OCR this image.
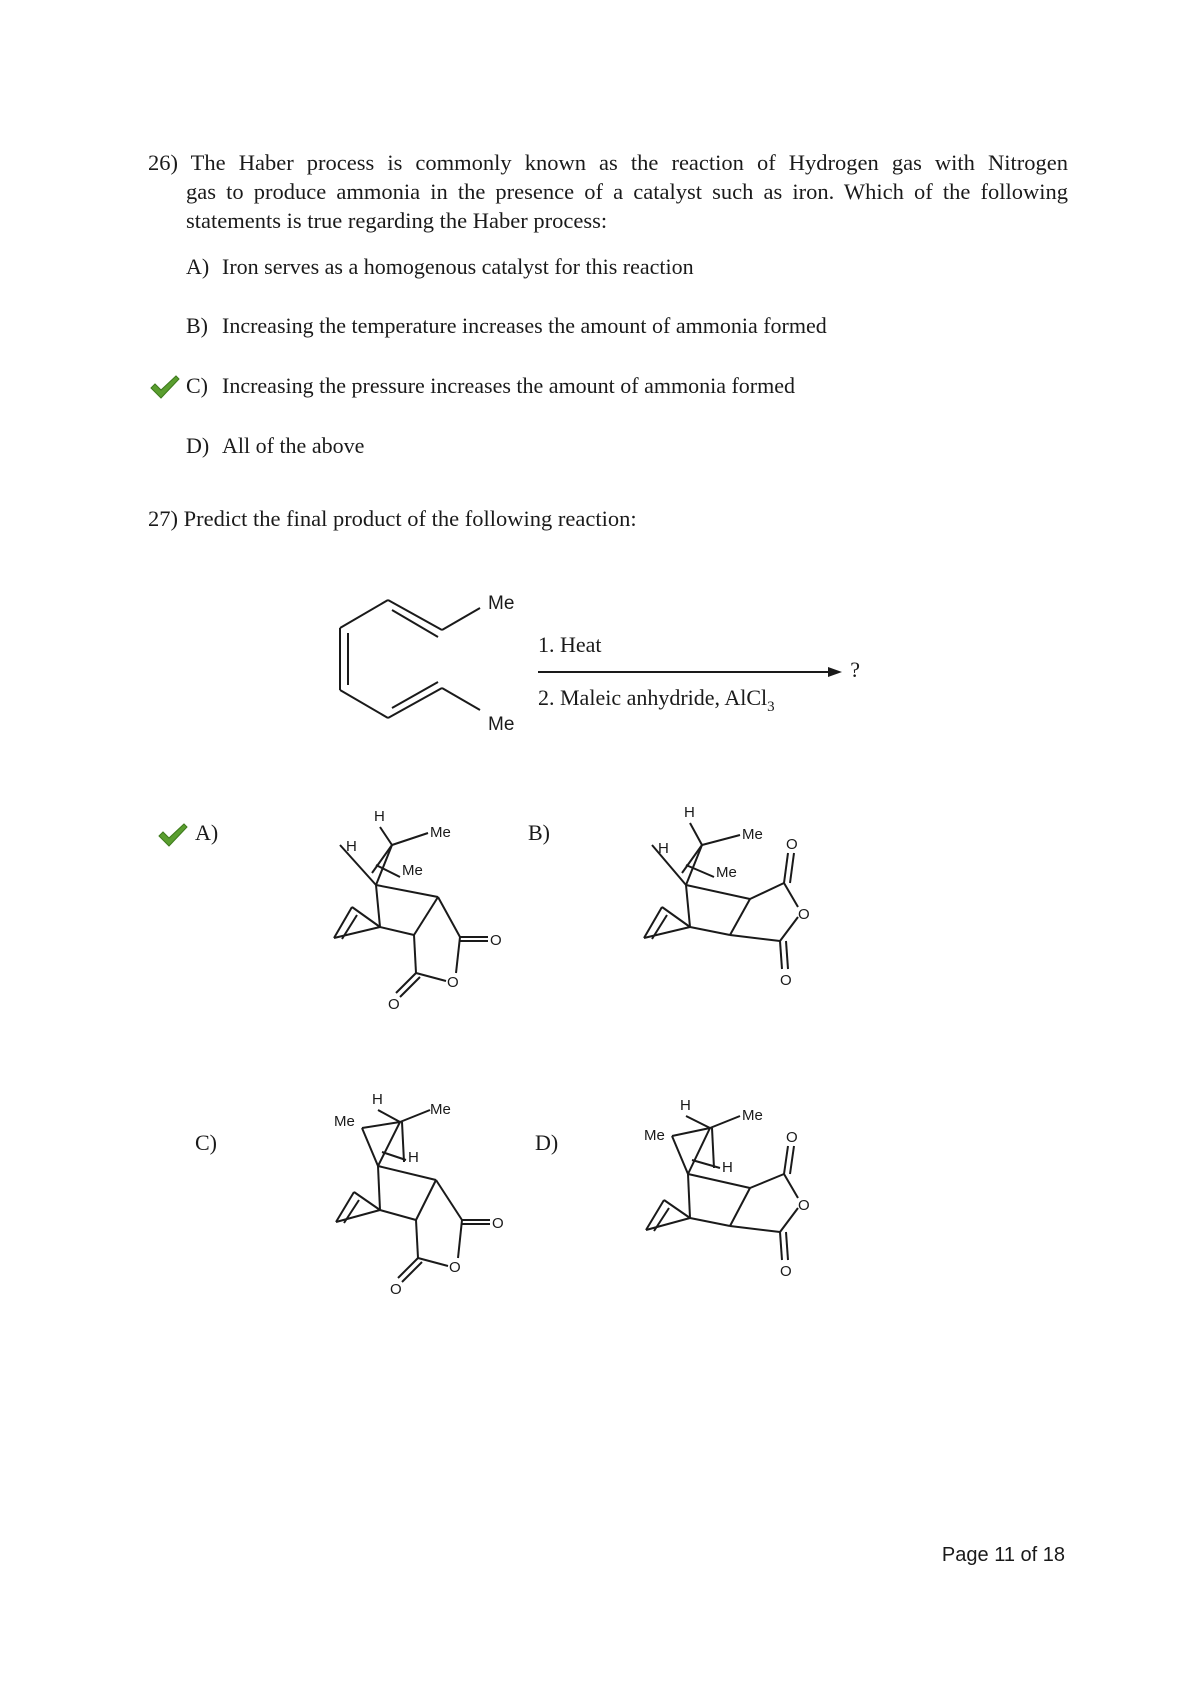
26) The Haber process is commonly known as the reaction of Hydrogen gas with Nitrogen
gas to produce ammonia in the presence of a catalyst such as iron. Which of the following
statements is true regarding the Haber process:
A) Iron serves as a homogenous catalyst for this reaction
B) Increasing the temperature increases the amount of ammonia formed
C) Increasing the pressure increases the amount of ammonia formed
D) All of the above
27) Predict the final product of the following reaction:
Me
Me
1. Heat
2. Maleic anhydride, AlCl$_3$
?
A)
H
H
Me
Me
O
O
O
B)
H
H
Me
Me
O
O
O
C)
H
Me
Me
H
O
O
O
D)
H
Me
Me
H
O
O
O
Page 11 of 18
